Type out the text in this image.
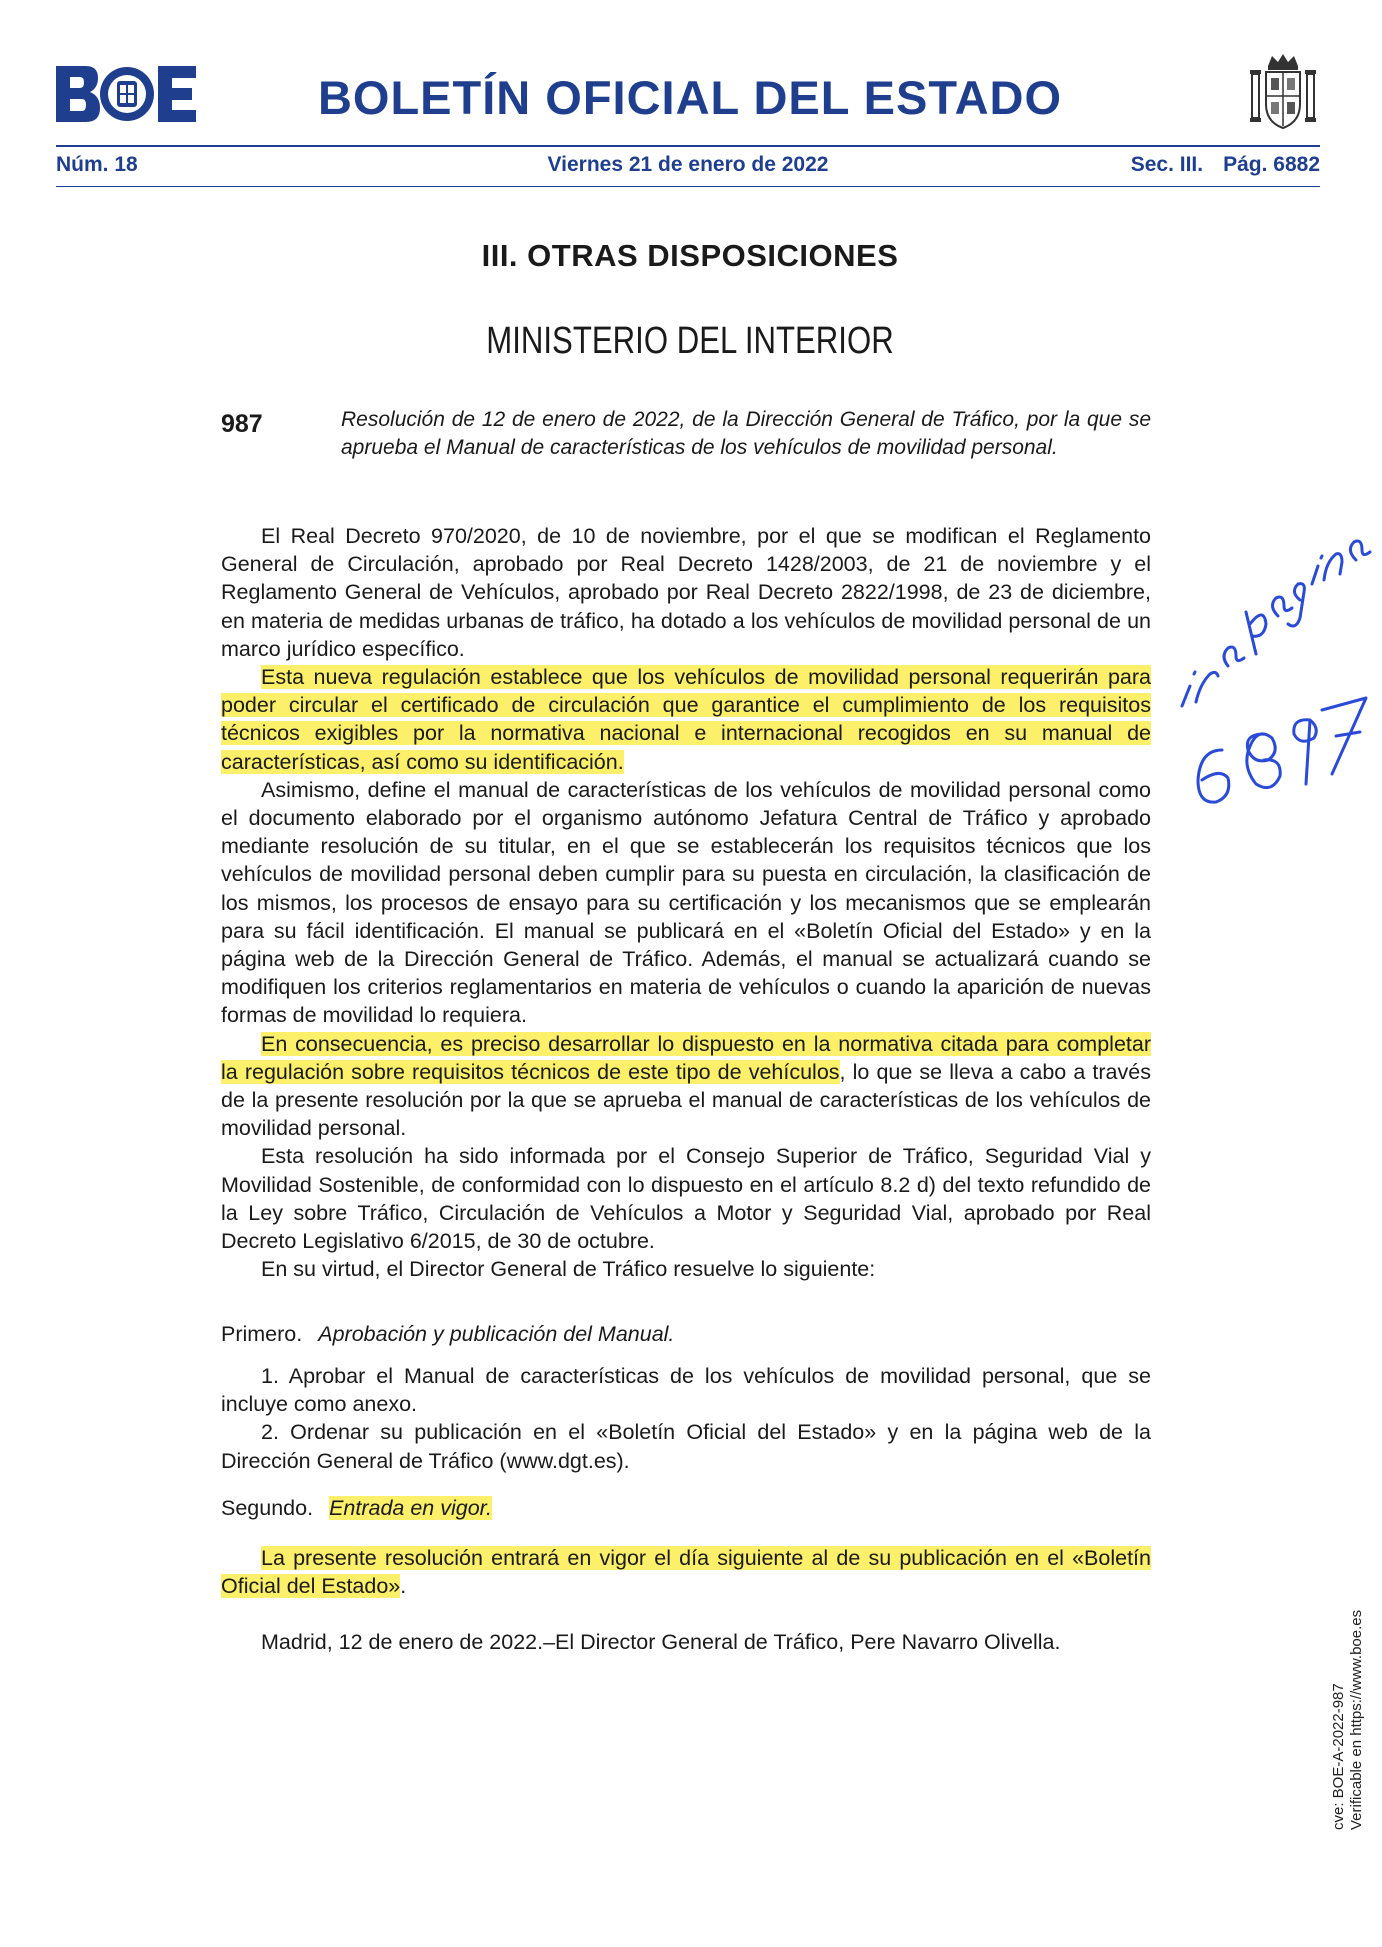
BOLETÍN OFICIAL DEL ESTADO
Núm. 18	Viernes 21 de enero de 2022	Sec. III. Pág. 6882
III. OTRAS DISPOSICIONES
MINISTERIO DEL INTERIOR
987	Resolución de 12 de enero de 2022, de la Dirección General de Tráfico, por la que se aprueba el Manual de características de los vehículos de movilidad personal.

El Real Decreto 970/2020, de 10 de noviembre, por el que se modifican el Reglamento General de Circulación, aprobado por Real Decreto 1428/2003, de 21 de noviembre y el Reglamento General de Vehículos, aprobado por Real Decreto 2822/1998, de 23 de diciembre, en materia de medidas urbanas de tráfico, ha dotado a los vehículos de movilidad personal de un marco jurídico específico.

Esta nueva regulación establece que los vehículos de movilidad personal requerirán para poder circular el certificado de circulación que garantice el cumplimiento de los requisitos técnicos exigibles por la normativa nacional e internacional recogidos en su manual de características, así como su identificación.

Asimismo, define el manual de características de los vehículos de movilidad personal como el documento elaborado por el organismo autónomo Jefatura Central de Tráfico y aprobado mediante resolución de su titular, en el que se establecerán los requisitos técnicos que los vehículos de movilidad personal deben cumplir para su puesta en circulación, la clasificación de los mismos, los procesos de ensayo para su certificación y los mecanismos que se emplearán para su fácil identificación. El manual se publicará en el «Boletín Oficial del Estado» y en la página web de la Dirección General de Tráfico. Además, el manual se actualizará cuando se modifiquen los criterios reglamentarios en materia de vehículos o cuando la aparición de nuevas formas de movilidad lo requiera.

En consecuencia, es preciso desarrollar lo dispuesto en la normativa citada para completar la regulación sobre requisitos técnicos de este tipo de vehículos, lo que se lleva a cabo a través de la presente resolución por la que se aprueba el manual de características de los vehículos de movilidad personal.

Esta resolución ha sido informada por el Consejo Superior de Tráfico, Seguridad Vial y Movilidad Sostenible, de conformidad con lo dispuesto en el artículo 8.2 d) del texto refundido de la Ley sobre Tráfico, Circulación de Vehículos a Motor y Seguridad Vial, aprobado por Real Decreto Legislativo 6/2015, de 30 de octubre.

En su virtud, el Director General de Tráfico resuelve lo siguiente:

Primero. Aprobación y publicación del Manual.

1. Aprobar el Manual de características de los vehículos de movilidad personal, que se incluye como anexo.

2. Ordenar su publicación en el «Boletín Oficial del Estado» y en la página web de la Dirección General de Tráfico (www.dgt.es).

Segundo. Entrada en vigor.

La presente resolución entrará en vigor el día siguiente al de su publicación en el «Boletín Oficial del Estado».

Madrid, 12 de enero de 2022.–El Director General de Tráfico, Pere Navarro Olivella.

cve: BOE-A-2022-987 Verificable en https://www.boe.es
